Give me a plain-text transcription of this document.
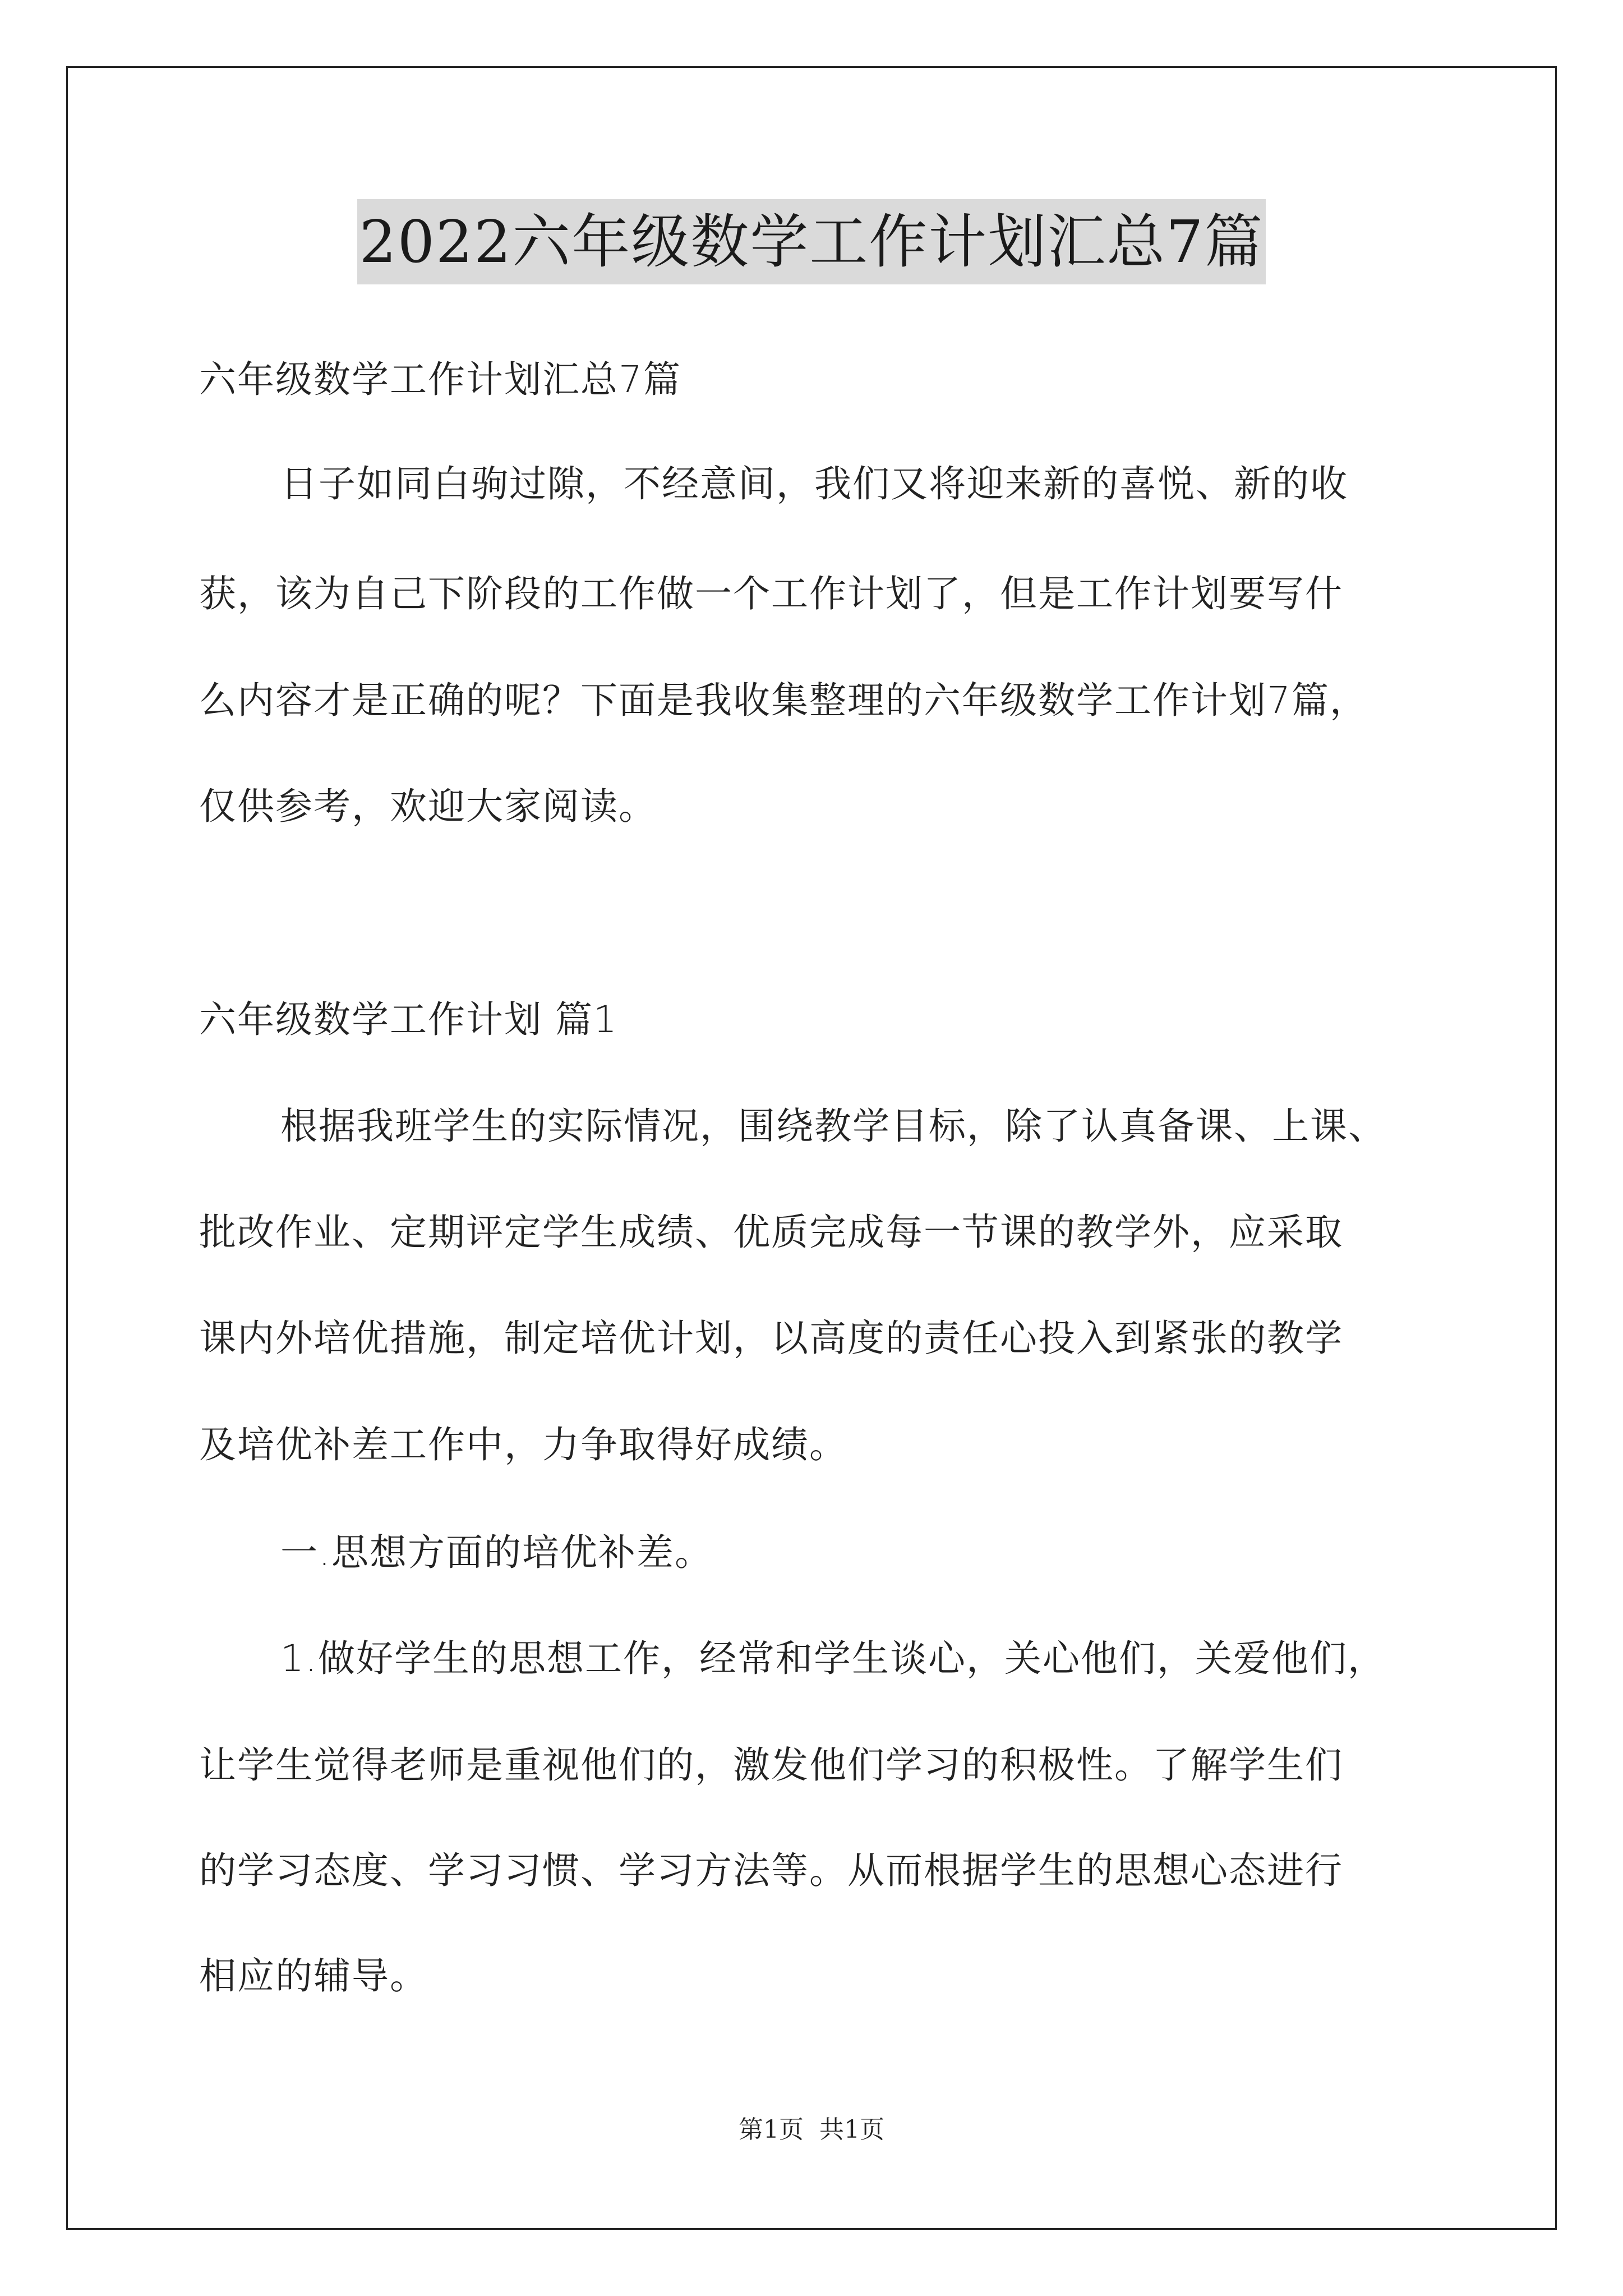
2022六年级数学工作计划汇总7篇
六年级数学工作计划汇总7篇
日子如同白驹过隙，不经意间，我们又将迎来新的喜悦、新的收
获，该为自己下阶段的工作做一个工作计划了，但是工作计划要写什
么内容才是正确的呢？下面是我收集整理的六年级数学工作计划7篇，
仅供参考，欢迎大家阅读。
六年级数学工作计划 篇1
根据我班学生的实际情况，围绕教学目标，除了认真备课、上课、
批改作业、定期评定学生成绩、优质完成每一节课的教学外，应采取
课内外培优措施，制定培优计划，以高度的责任心投入到紧张的教学
及培优补差工作中，力争取得好成绩。
一.思想方面的培优补差。
1.做好学生的思想工作，经常和学生谈心，关心他们，关爱他们，
让学生觉得老师是重视他们的，激发他们学习的积极性。了解学生们
的学习态度、学习习惯、学习方法等。从而根据学生的思想心态进行
相应的辅导。
第1页 共1页
